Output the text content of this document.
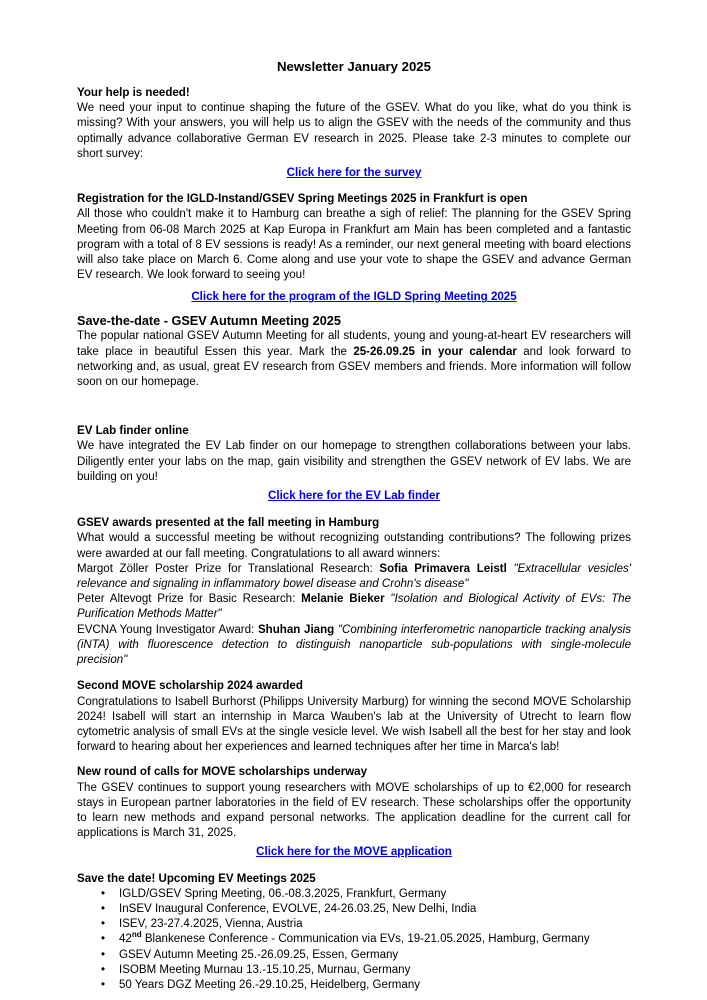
Newsletter January 2025
Your help is needed!
We need your input to continue shaping the future of the GSEV. What do you like, what do you think is missing? With your answers, you will help us to align the GSEV with the needs of the community and thus optimally advance collaborative German EV research in 2025. Please take 2-3 minutes to complete our short survey:
Click here for the survey
Registration for the IGLD-Instand/GSEV Spring Meetings 2025 in Frankfurt is open
All those who couldn't make it to Hamburg can breathe a sigh of relief: The planning for the GSEV Spring Meeting from 06-08 March 2025 at Kap Europa in Frankfurt am Main has been completed and a fantastic program with a total of 8 EV sessions is ready! As a reminder, our next general meeting with board elections will also take place on March 6. Come along and use your vote to shape the GSEV and advance German EV research. We look forward to seeing you!
Click here for the program of the IGLD Spring Meeting 2025
Save-the-date - GSEV Autumn Meeting 2025
The popular national GSEV Autumn Meeting for all students, young and young-at-heart EV researchers will take place in beautiful Essen this year. Mark the 25-26.09.25 in your calendar and look forward to networking and, as usual, great EV research from GSEV members and friends. More information will follow soon on our homepage.
EV Lab finder online
We have integrated the EV Lab finder on our homepage to strengthen collaborations between your labs. Diligently enter your labs on the map, gain visibility and strengthen the GSEV network of EV labs. We are building on you!
Click here for the EV Lab finder
GSEV awards presented at the fall meeting in Hamburg
What would a successful meeting be without recognizing outstanding contributions? The following prizes were awarded at our fall meeting. Congratulations to all award winners:
Margot Zöller Poster Prize for Translational Research: Sofia Primavera Leistl "Extracellular vesicles' relevance and signaling in inflammatory bowel disease and Crohn's disease"
Peter Altevogt Prize for Basic Research: Melanie Bieker "Isolation and Biological Activity of EVs: The Purification Methods Matter"
EVCNA Young Investigator Award: Shuhan Jiang "Combining interferometric nanoparticle tracking analysis (iNTA) with fluorescence detection to distinguish nanoparticle sub-populations with single-molecule precision"
Second MOVE scholarship 2024 awarded
Congratulations to Isabell Burhorst (Philipps University Marburg) for winning the second MOVE Scholarship 2024! Isabell will start an internship in Marca Wauben's lab at the University of Utrecht to learn flow cytometric analysis of small EVs at the single vesicle level. We wish Isabell all the best for her stay and look forward to hearing about her experiences and learned techniques after her time in Marca's lab!
New round of calls for MOVE scholarships underway
The GSEV continues to support young researchers with MOVE scholarships of up to €2,000 for research stays in European partner laboratories in the field of EV research. These scholarships offer the opportunity to learn new methods and expand personal networks. The application deadline for the current call for applications is March 31, 2025.
Click here for the MOVE application
Save the date! Upcoming EV Meetings 2025
• IGLD/GSEV Spring Meeting, 06.-08.3.2025, Frankfurt, Germany
• InSEV Inaugural Conference, EVOLVE, 24-26.03.25, New Delhi, India
• ISEV, 23-27.4.2025, Vienna, Austria
• 42nd Blankenese Conference - Communication via EVs, 19-21.05.2025, Hamburg, Germany
• GSEV Autumn Meeting 25.-26.09.25, Essen, Germany
• ISOBM Meeting Murnau 13.-15.10.25, Murnau, Germany
• 50 Years DGZ Meeting 26.-29.10.25, Heidelberg, Germany
